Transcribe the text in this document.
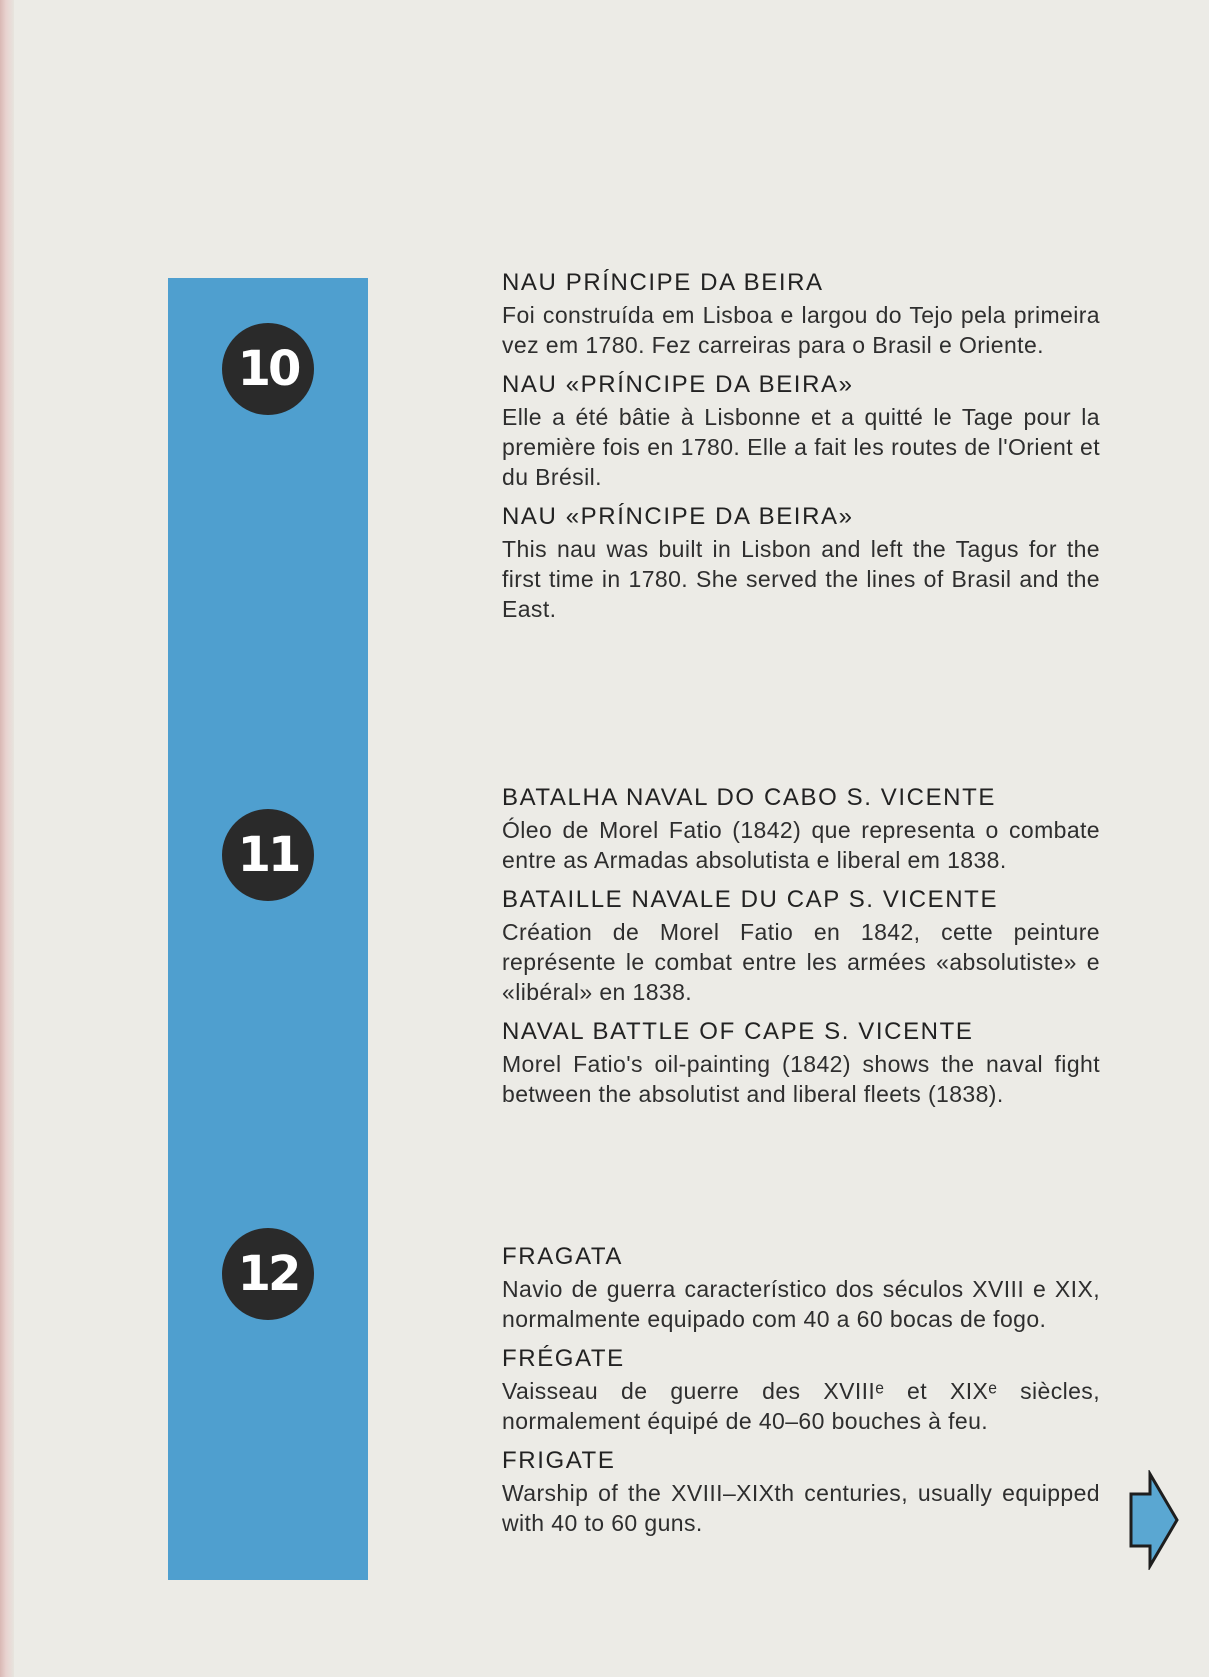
10
11
12
NAU PRÍNCIPE DA BEIRA
Foi construída em Lisboa e largou do Tejo pela primeira vez em 1780. Fez carreiras para o Brasil e Oriente.
NAU «PRÍNCIPE DA BEIRA»
Elle a été bâtie à Lisbonne et a quitté le Tage pour la première fois en 1780. Elle a fait les routes de l'Orient et du Brésil.
NAU «PRÍNCIPE DA BEIRA»
This nau was built in Lisbon and left the Tagus for the first time in 1780. She served the lines of Brasil and the East.
BATALHA NAVAL DO CABO S. VICENTE
Óleo de Morel Fatio (1842) que representa o combate entre as Armadas absolutista e liberal em 1838.
BATAILLE NAVALE DU CAP S. VICENTE
Création de Morel Fatio en 1842, cette peinture représente le combat entre les armées «absolutiste» e «libéral» en 1838.
NAVAL BATTLE OF CAPE S. VICENTE
Morel Fatio's oil-painting (1842) shows the naval fight between the absolutist and liberal fleets (1838).
FRAGATA
Navio de guerra característico dos séculos XVIII e XIX, normalmente equipado com 40 a 60 bocas de fogo.
FRÉGATE
Vaisseau de guerre des XVIIIᵉ et XIXᵉ siècles, normalement équipé de 40–60 bouches à feu.
FRIGATE
Warship of the XVIII–XIXth centuries, usually equipped with 40 to 60 guns.
